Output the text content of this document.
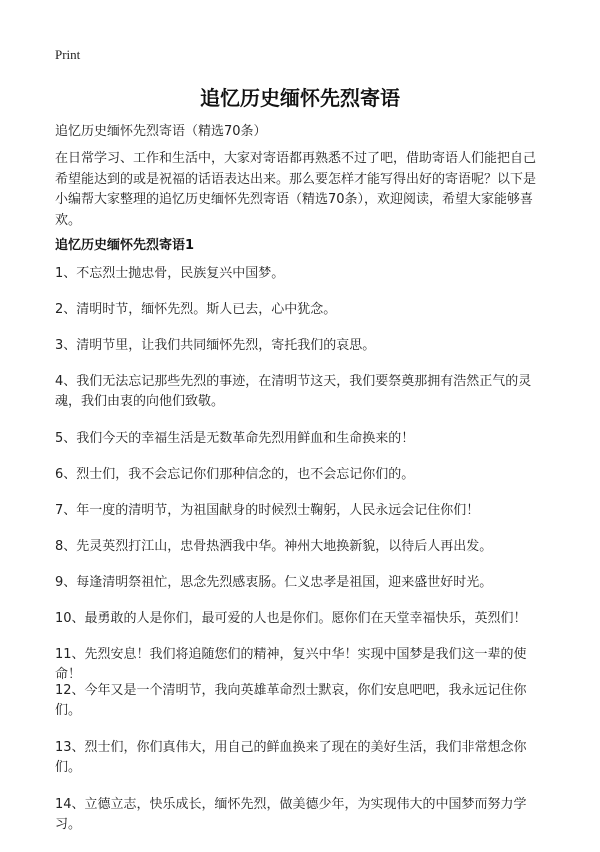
Print
追忆历史缅怀先烈寄语
追忆历史缅怀先烈寄语（精选70条）

在日常学习、工作和生活中，大家对寄语都再熟悉不过了吧，借助寄语人们能把自己希望能达到的或是祝福的话语表达出来。那么要怎样才能写得出好的寄语呢？以下是小编帮大家整理的追忆历史缅怀先烈寄语（精选70条），欢迎阅读，希望大家能够喜欢。

追忆历史缅怀先烈寄语1
1、不忘烈士抛忠骨，民族复兴中国梦。
2、清明时节，缅怀先烈。斯人已去，心中犹念。
3、清明节里，让我们共同缅怀先烈，寄托我们的哀思。
4、我们无法忘记那些先烈的事迹，在清明节这天，我们要祭奠那拥有浩然正气的灵魂，我们由衷的向他们致敬。
5、我们今天的幸福生活是无数革命先烈用鲜血和生命换来的！
6、烈士们，我不会忘记你们那种信念的，也不会忘记你们的。
7、年一度的清明节，为祖国献身的时候烈士鞠躬，人民永远会记住你们！
8、先灵英烈打江山，忠骨热洒我中华。神州大地换新貌，以待后人再出发。
9、每逢清明祭祖忙，思念先烈感衷肠。仁义忠孝是祖国，迎来盛世好时光。
10、最勇敢的人是你们，最可爱的人也是你们。愿你们在天堂幸福快乐，英烈们！
11、先烈安息！我们将追随您们的精神，复兴中华！实现中国梦是我们这一辈的使命！
12、今年又是一个清明节，我向英雄革命烈士默哀，你们安息吧吧，我永远记住你们。
13、烈士们，你们真伟大，用自己的鲜血换来了现在的美好生活，我们非常想念你们。
14、立德立志，快乐成长，缅怀先烈，做美德少年，为实现伟大的中国梦而努力学习。
